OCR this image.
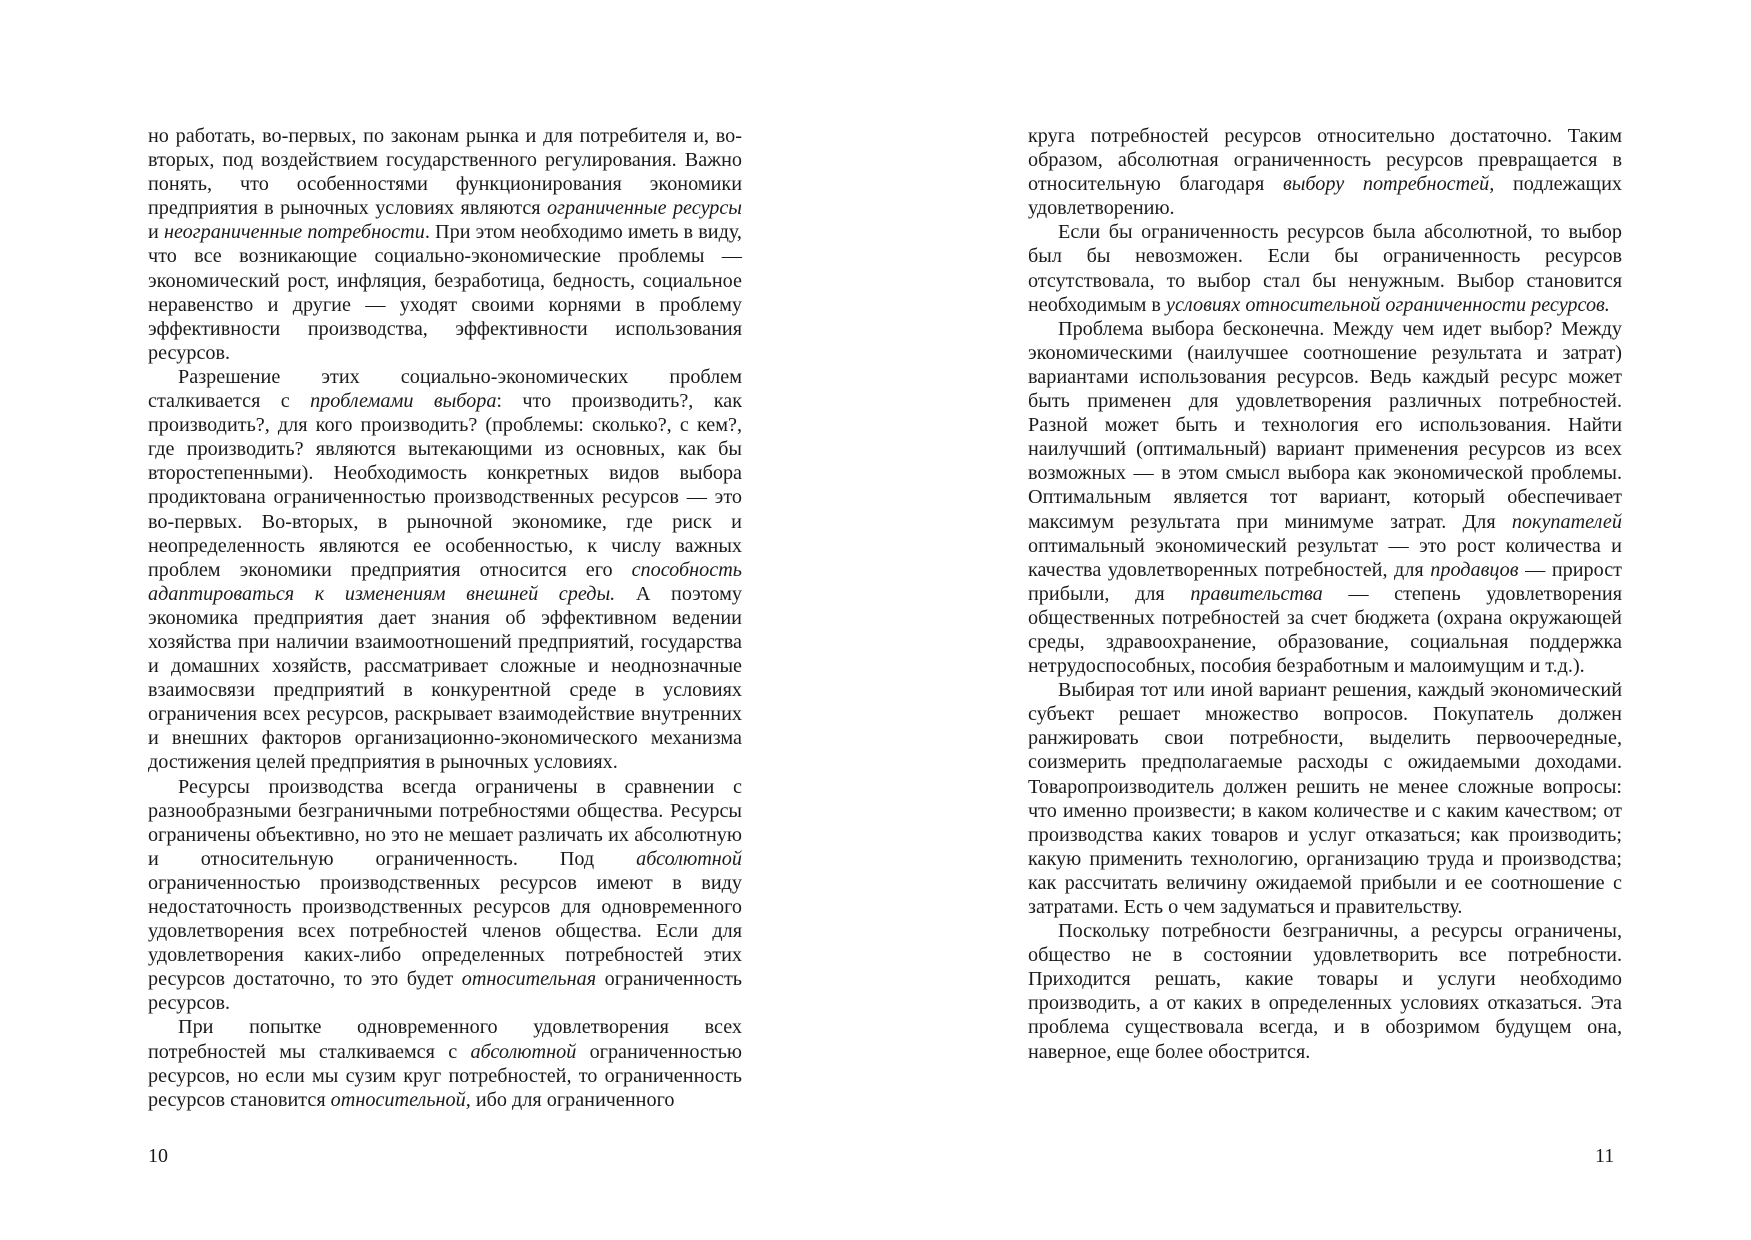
но работать, во-первых, по законам рынка и для потребителя и, во-вторых, под воздействием государственного регулирования. Важно понять, что особенностями функционирования экономики предприятия в рыночных условиях являются ограниченные ресурсы и неограниченные потребности. При этом необходимо иметь в виду, что все возникающие социально-экономические проблемы — экономический рост, инфляция, безработица, бедность, социальное неравенство и другие — уходят своими корнями в проблему эффективности производства, эффективности использования ресурсов.

Разрешение этих социально-экономических проблем сталкивается с проблемами выбора: что производить?, как производить?, для кого производить? (проблемы: сколько?, с кем?, где производить? являются вытекающими из основных, как бы второстепенными). Необходимость конкретных видов выбора продиктована ограниченностью производственных ресурсов — это во-первых. Во-вторых, в рыночной экономике, где риск и неопределенность являются ее особенностью, к числу важных проблем экономики предприятия относится его способность адаптироваться к изменениям внешней среды. А поэтому экономика предприятия дает знания об эффективном ведении хозяйства при наличии взаимоотношений предприятий, государства и домашних хозяйств, рассматривает сложные и неоднозначные взаимосвязи предприятий в конкурентной среде в условиях ограничения всех ресурсов, раскрывает взаимодействие внутренних и внешних факторов организационно-экономического механизма достижения целей предприятия в рыночных условиях.

Ресурсы производства всегда ограничены в сравнении с разнообразными безграничными потребностями общества. Ресурсы ограничены объективно, но это не мешает различать их абсолютную и относительную ограниченность. Под абсолютной ограниченностью производственных ресурсов имеют в виду недостаточность производственных ресурсов для одновременного удовлетворения всех потребностей членов общества. Если для удовлетворения каких-либо определенных потребностей этих ресурсов достаточно, то это будет относительная ограниченность ресурсов.

При попытке одновременного удовлетворения всех потребностей мы сталкиваемся с абсолютной ограниченностью ресурсов, но если мы сузим круг потребностей, то ограниченность ресурсов становится относительной, ибо для ограниченного

10

круга потребностей ресурсов относительно достаточно. Таким образом, абсолютная ограниченность ресурсов превращается в относительную благодаря выбору потребностей, подлежащих удовлетворению.

Если бы ограниченность ресурсов была абсолютной, то выбор был бы невозможен. Если бы ограниченность ресурсов отсутствовала, то выбор стал бы ненужным. Выбор становится необходимым в условиях относительной ограниченности ресурсов.

Проблема выбора бесконечна. Между чем идет выбор? Между экономическими (наилучшее соотношение результата и затрат) вариантами использования ресурсов. Ведь каждый ресурс может быть применен для удовлетворения различных потребностей. Разной может быть и технология его использования. Найти наилучший (оптимальный) вариант применения ресурсов из всех возможных — в этом смысл выбора как экономической проблемы. Оптимальным является тот вариант, который обеспечивает максимум результата при минимуме затрат. Для покупателей оптимальный экономический результат — это рост количества и качества удовлетворенных потребностей, для продавцов — прирост прибыли, для правительства — степень удовлетворения общественных потребностей за счет бюджета (охрана окружающей среды, здравоохранение, образование, социальная поддержка нетрудоспособных, пособия безработным и малоимущим и т.д.).

Выбирая тот или иной вариант решения, каждый экономический субъект решает множество вопросов. Покупатель должен ранжировать свои потребности, выделить первоочередные, соизмерить предполагаемые расходы с ожидаемыми доходами. Товаропроизводитель должен решить не менее сложные вопросы: что именно произвести; в каком количестве и с каким качеством; от производства каких товаров и услуг отказаться; как производить; какую применить технологию, организацию труда и производства; как рассчитать величину ожидаемой прибыли и ее соотношение с затратами. Есть о чем задуматься и правительству.

Поскольку потребности безграничны, а ресурсы ограничены, общество не в состоянии удовлетворить все потребности. Приходится решать, какие товары и услуги необходимо производить, а от каких в определенных условиях отказаться. Эта проблема существовала всегда, и в обозримом будущем она, наверное, еще более обострится.

11
